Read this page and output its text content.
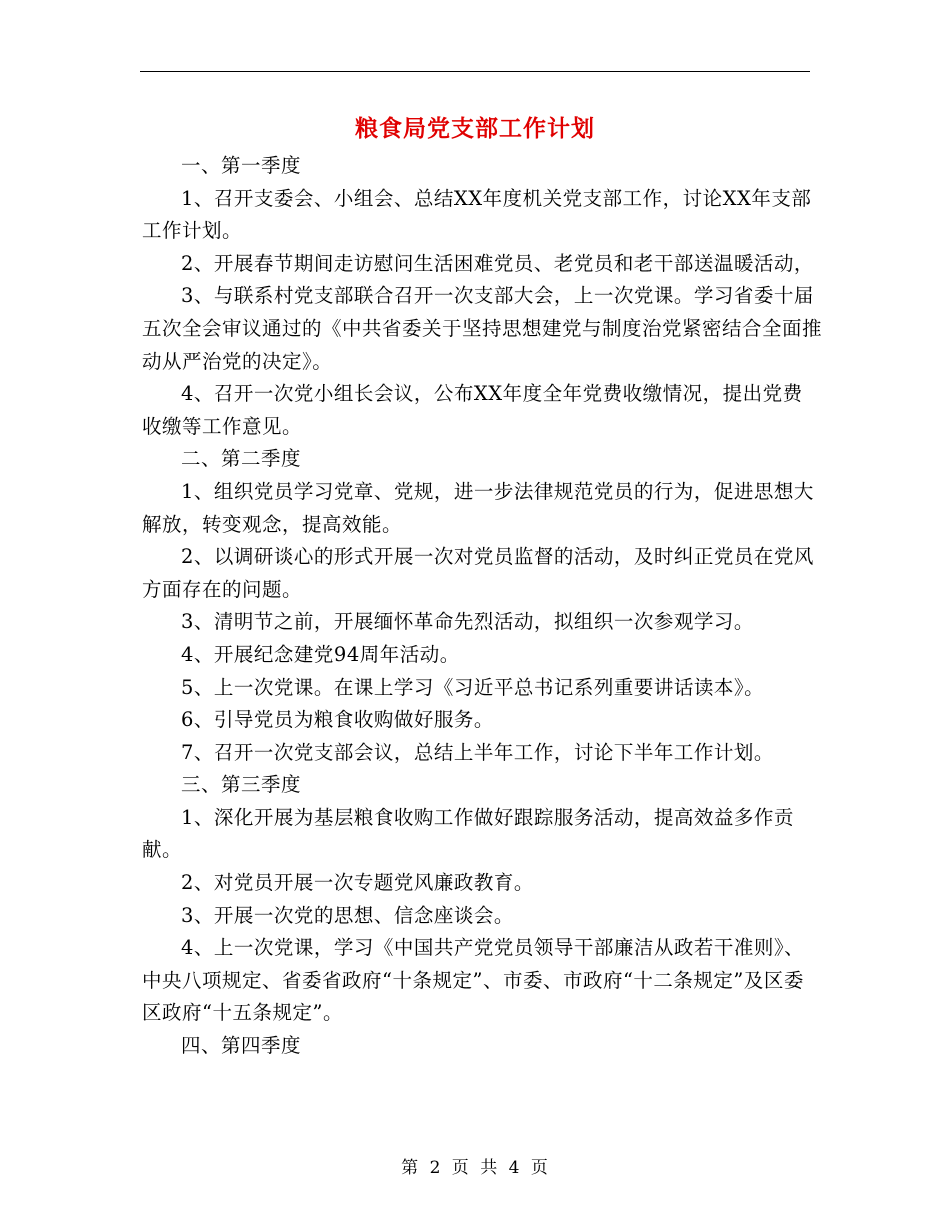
粮食局党支部工作计划

一、第一季度

1、召开支委会、小组会、总结XX年度机关党支部工作，讨论XX年支部工作计划。

2、开展春节期间走访慰问生活困难党员、老党员和老干部送温暖活动，

3、与联系村党支部联合召开一次支部大会，上一次党课。学习省委十届五次全会审议通过的《中共省委关于坚持思想建党与制度治党紧密结合全面推动从严治党的决定》。

4、召开一次党小组长会议，公布XX年度全年党费收缴情况，提出党费收缴等工作意见。

二、第二季度

1、组织党员学习党章、党规，进一步法律规范党员的行为，促进思想大解放，转变观念，提高效能。

2、以调研谈心的形式开展一次对党员监督的活动，及时纠正党员在党风方面存在的问题。

3、清明节之前，开展缅怀革命先烈活动，拟组织一次参观学习。

4、开展纪念建党94周年活动。

5、上一次党课。在课上学习《习近平总书记系列重要讲话读本》。

6、引导党员为粮食收购做好服务。

7、召开一次党支部会议，总结上半年工作，讨论下半年工作计划。

三、第三季度

1、深化开展为基层粮食收购工作做好跟踪服务活动，提高效益多作贡献。

2、对党员开展一次专题党风廉政教育。

3、开展一次党的思想、信念座谈会。

4、上一次党课，学习《中国共产党党员领导干部廉洁从政若干准则》、中央八项规定、省委省政府“十条规定”、市委、市政府“十二条规定”及区委区政府“十五条规定”。

四、第四季度

第 2 页 共 4 页
